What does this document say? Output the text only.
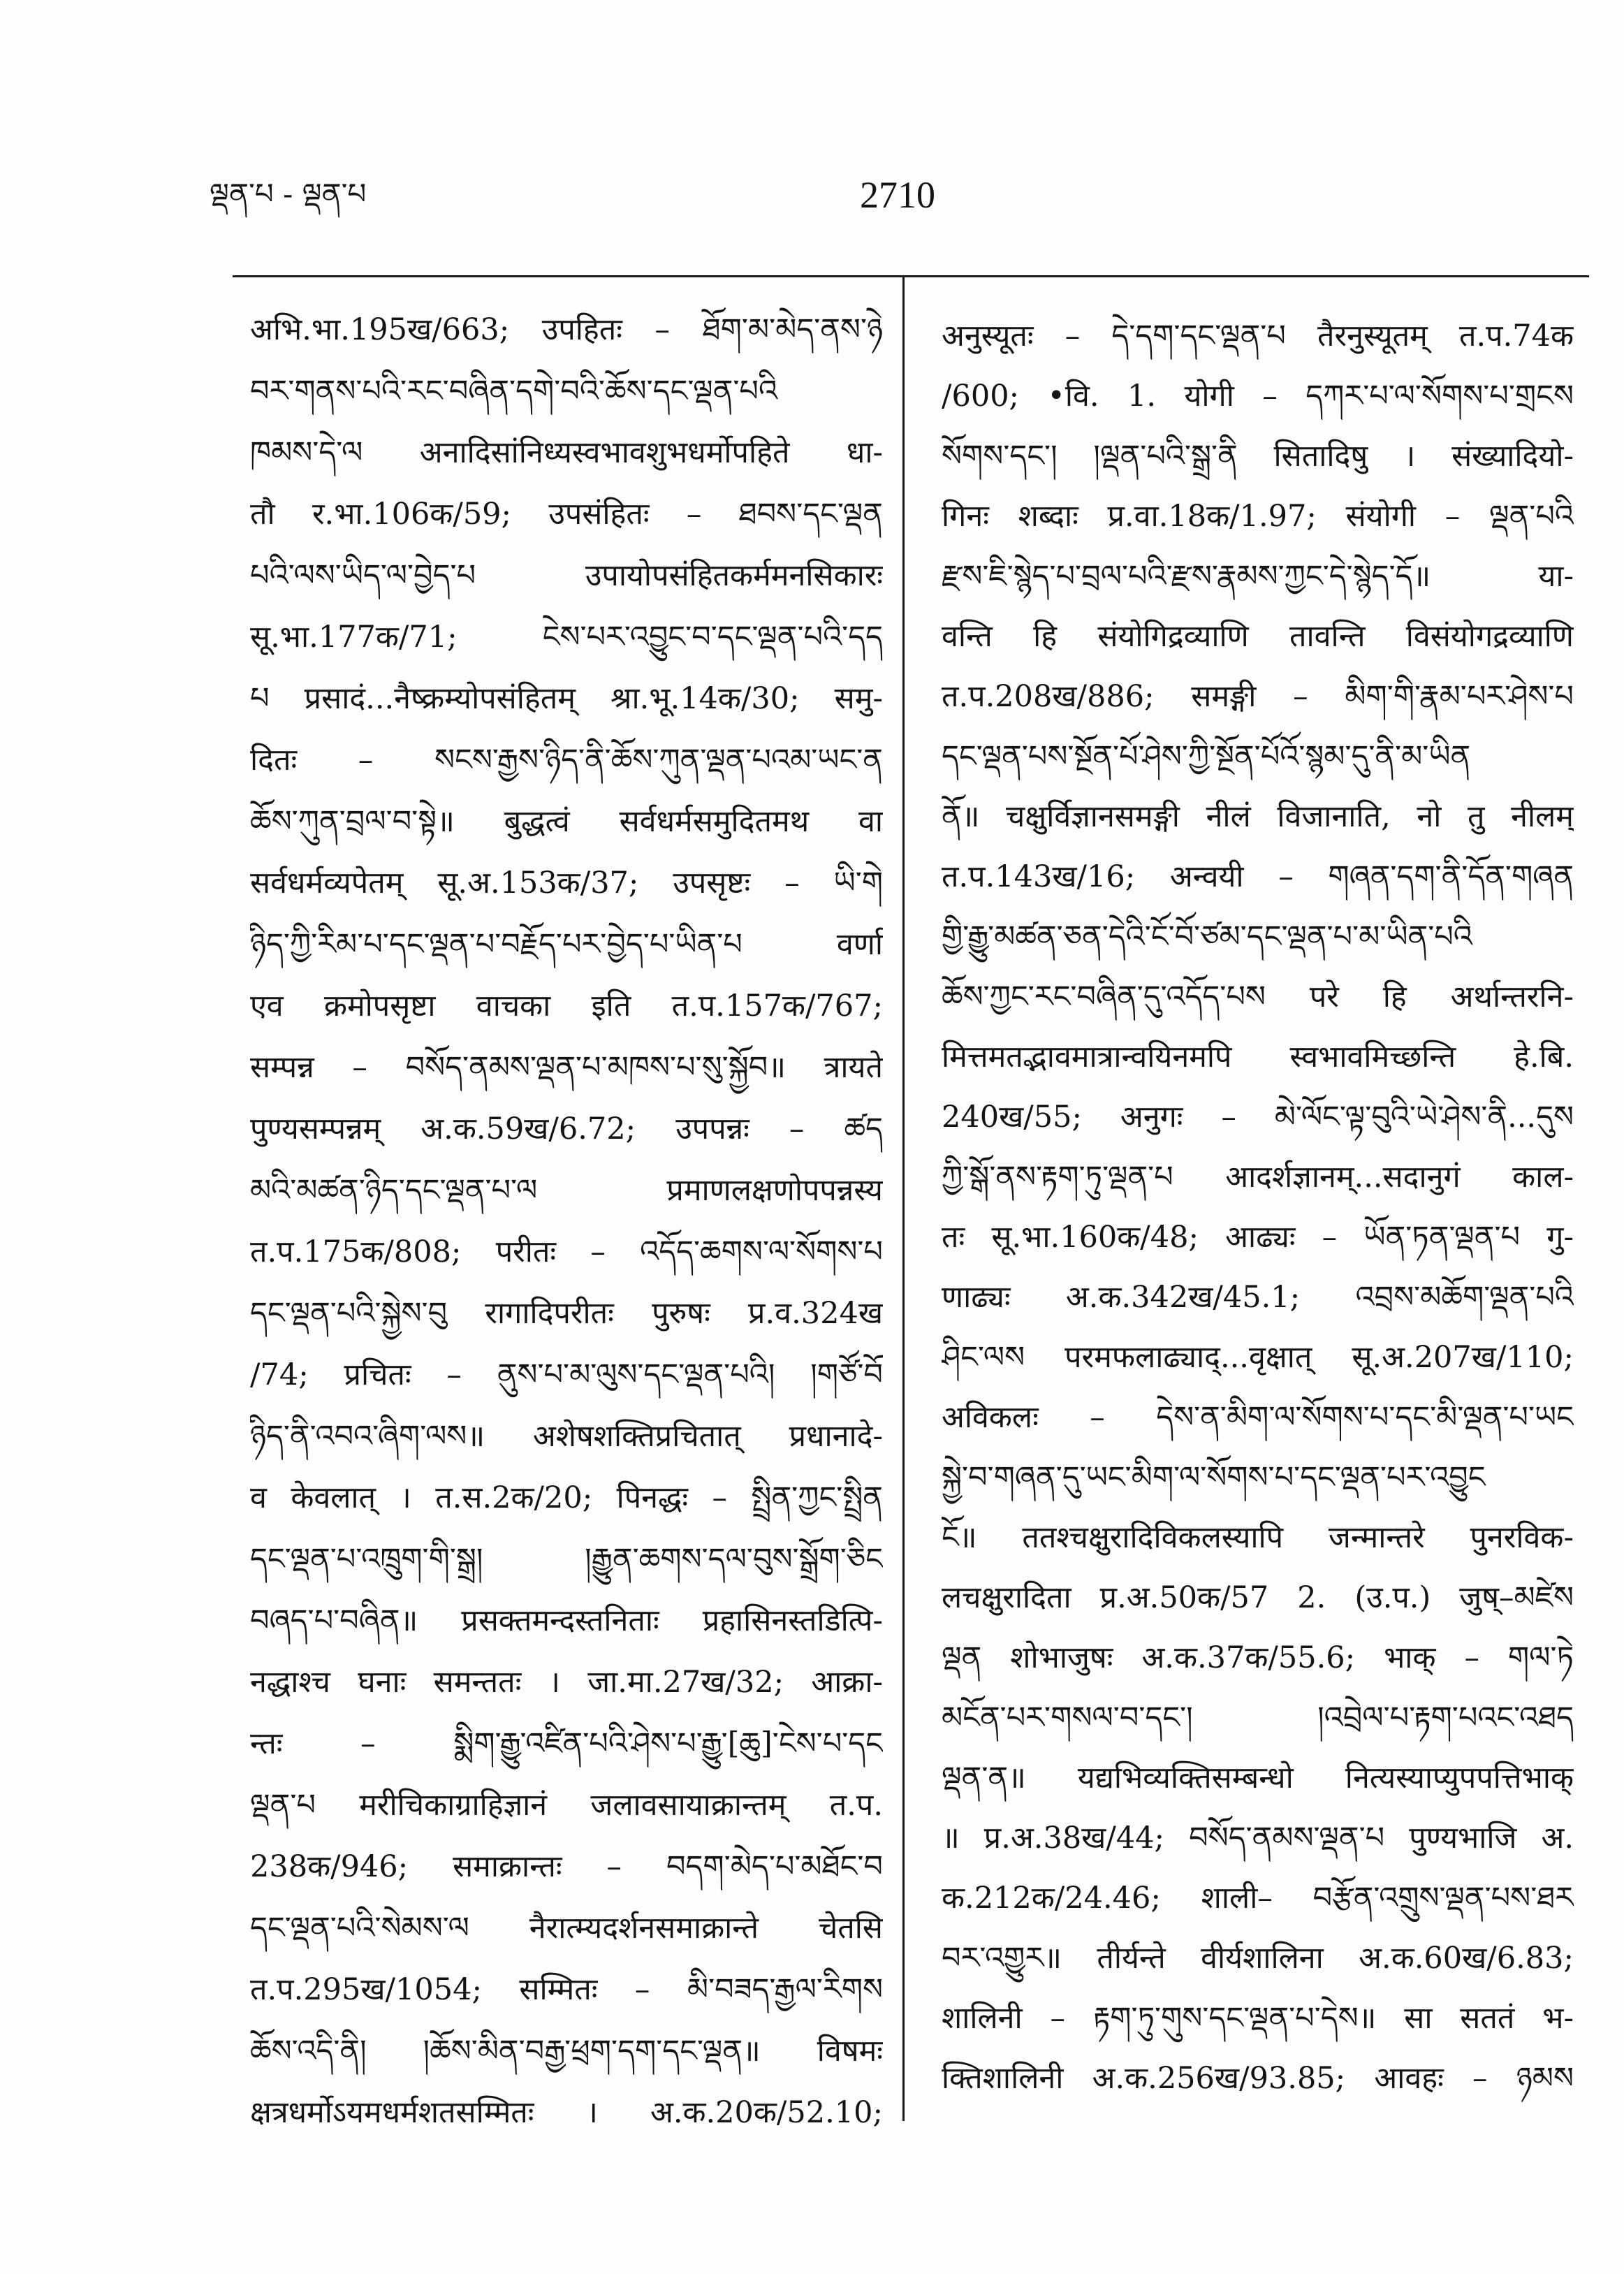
ལྡན་པ - ལྡན་པ	2710
अभि.भा.195ख/663; उपहितः – ཐོག་མ་མེད་ནས་ཉེ
བར་གནས་པའི་རང་བཞིན་དགེ་བའི་ཆོས་དང་ལྡན་པའི
ཁམས་དེ་ལ अनादिसांनिध्यस्वभावशुभधर्मोपहिते धा-
तौ र.भा.106क/59; उपसंहितः – ཐབས་དང་ལྡན
པའི་ལས་ཡིད་ལ་བྱེད་པ उपायोपसंहितकर्ममनसिकारः
सू.भा.177क/71; ངེས་པར་འབྱུང་བ་དང་ལྡན་པའི་དད
པ प्रसादं...नैष्क्रम्योपसंहितम् श्रा.भू.14क/30; समु-
दितः – སངས་རྒྱས་ཉིད་ནི་ཆོས་ཀུན་ལྡན་པའམ་ཡང་ན
ཆོས་ཀུན་བྲལ་བ་སྟེ॥ बुद्धत्वं सर्वधर्मसमुदितमथ वा
सर्वधर्मव्यपेतम् सू.अ.153क/37; उपसृष्टः – ཡི་གེ
ཉིད་ཀྱི་རིམ་པ་དང་ལྡན་པ་བརྗོད་པར་བྱེད་པ་ཡིན་པ वर्णा
एव क्रमोपसृष्टा वाचका इति त.प.157क/767;
सम्पन्न – བསོད་ནམས་ལྡན་པ་མཁས་པ་སུ་སྐྱོབ॥ त्रायते
पुण्यसम्पन्नम् अ.क.59ख/6.72; उपपन्नः – ཚད
མའི་མཚན་ཉིད་དང་ལྡན་པ་ལ प्रमाणलक्षणोपपन्नस्य
त.प.175क/808; परीतः – འདོད་ཆགས་ལ་སོགས་པ
དང་ལྡན་པའི་སྐྱེས་བུ रागादिपरीतः पुरुषः प्र.व.324ख
/74; प्रचितः – ནུས་པ་མ་ལུས་དང་ལྡན་པའི། །གཙོ་བོ
ཉིད་ནི་འབའ་ཞིག་ལས॥ अशेषशक्तिप्रचितात् प्रधानादे-
व केवलात् । त.स.2क/20; पिनद्धः – སྤྲིན་ཀྱང་སྤྲིན
དང་ལྡན་པ་འཁྲུག་གི་སྒྲ། །རྒྱུན་ཆགས་དལ་བུས་སྒྲོག་ཅིང
བཞད་པ་བཞིན॥ प्रसक्तमन्दस्तनिताः प्रहासिनस्तडित्पि-
नद्धाश्च घनाः समन्ततः । जा.मा.27ख/32; आक्रा-
न्तः – སྨིག་རྒྱུ་འཛིན་པའི་ཤེས་པ་རྒྱུ་[ཆུ]་ངེས་པ་དང
ལྡན་པ मरीचिकाग्राहिज्ञानं जलावसायाक्रान्तम् त.प.
238क/946; समाक्रान्तः – བདག་མེད་པ་མཐོང་བ
དང་ལྡན་པའི་སེམས་ལ नैरात्म्यदर्शनसमाक्रान्ते चेतसि
त.प.295ख/1054; सम्मितः – མི་བཟད་རྒྱལ་རིགས
ཆོས་འདི་ནི། །ཆོས་མིན་བརྒྱ་ཕྲག་དག་དང་ལྡན॥ विषमः
क्षत्रधर्मोऽयमधर्मशतसम्मितः । अ.क.20क/52.10;
अनुस्यूतः – དེ་དག་དང་ལྡན་པ तैरनुस्यूतम् त.प.74क
/600; •वि. 1. योगी – དཀར་པ་ལ་སོགས་པ་གྲངས
སོགས་དང་། །ལྡན་པའི་སྒྲ་ནི सितादिषु । संख्यादियो-
गिनः शब्दाः प्र.वा.18क/1.97; संयोगी – ལྡན་པའི
རྫས་ཇི་སྙེད་པ་བྲལ་པའི་རྫས་རྣམས་ཀྱང་དེ་སྙེད་དོ॥ या-
वन्ति हि संयोगिद्रव्याणि तावन्ति विसंयोगद्रव्याणि
त.प.208ख/886; समङ्गी – མིག་གི་རྣམ་པར་ཤེས་པ
དང་ལྡན་པས་སྔོན་པོ་ཤེས་ཀྱི་སྔོན་པོའོ་སྙམ་དུ་ནི་མ་ཡིན
ནོ॥ चक्षुर्विज्ञानसमङ्गी नीलं विजानाति, नो तु नीलम्
त.प.143ख/16; अन्वयी – གཞན་དག་ནི་དོན་གཞན
གྱི་རྒྱུ་མཚན་ཅན་དེའི་ངོ་བོ་ཙམ་དང་ལྡན་པ་མ་ཡིན་པའི
ཆོས་ཀྱང་རང་བཞིན་དུ་འདོད་པས परे हि अर्थान्तरनि-
मित्तमतद्भावमात्रान्वयिनमपि स्वभावमिच्छन्ति हे.बि.
240ख/55; अनुगः – མེ་ལོང་ལྟ་བུའི་ཡེ་ཤེས་ནི...དུས
ཀྱི་སྒོ་ནས་རྟག་ཏུ་ལྡན་པ आदर्शज्ञानम्...सदानुगं काल-
तः सू.भा.160क/48; आढ्यः – ཡོན་ཏན་ལྡན་པ गु-
णाढ्यः अ.क.342ख/45.1; འབྲས་མཆོག་ལྡན་པའི
ཤིང་ལས परमफलाढ्याद्...वृक्षात् सू.अ.207ख/110;
अविकलः – དེས་ན་མིག་ལ་སོགས་པ་དང་མི་ལྡན་པ་ཡང
སྐྱེ་བ་གཞན་དུ་ཡང་མིག་ལ་སོགས་པ་དང་ལྡན་པར་འབྱུང
ངོ॥ ततश्चक्षुरादिविकलस्यापि जन्मान्तरे पुनरविक-
लचक्षुरादिता प्र.अ.50क/57 2. (उ.प.) जुष्–མཛེས
ལྡན शोभाजुषः अ.क.37क/55.6; भाक् – གལ་ཏེ
མངོན་པར་གསལ་བ་དང་། །འབྲེལ་པ་རྟག་པའང་འཐད
ལྡན་ན॥ यद्यभिव्यक्तिसम्बन्धो नित्यस्याप्युपपत्तिभाक्
॥ प्र.अ.38ख/44; བསོད་ནམས་ལྡན་པ पुण्यभाजि अ.
क.212क/24.46; शाली– བརྩོན་འགྲུས་ལྡན་པས་ཐར
བར་འགྱུར॥ तीर्यन्ते वीर्यशालिना अ.क.60ख/6.83;
शालिनी – རྟག་ཏུ་གུས་དང་ལྡན་པ་དེས॥ सा सततं भ-
क्तिशालिनी अ.क.256ख/93.85; आवहः – ཉམས
